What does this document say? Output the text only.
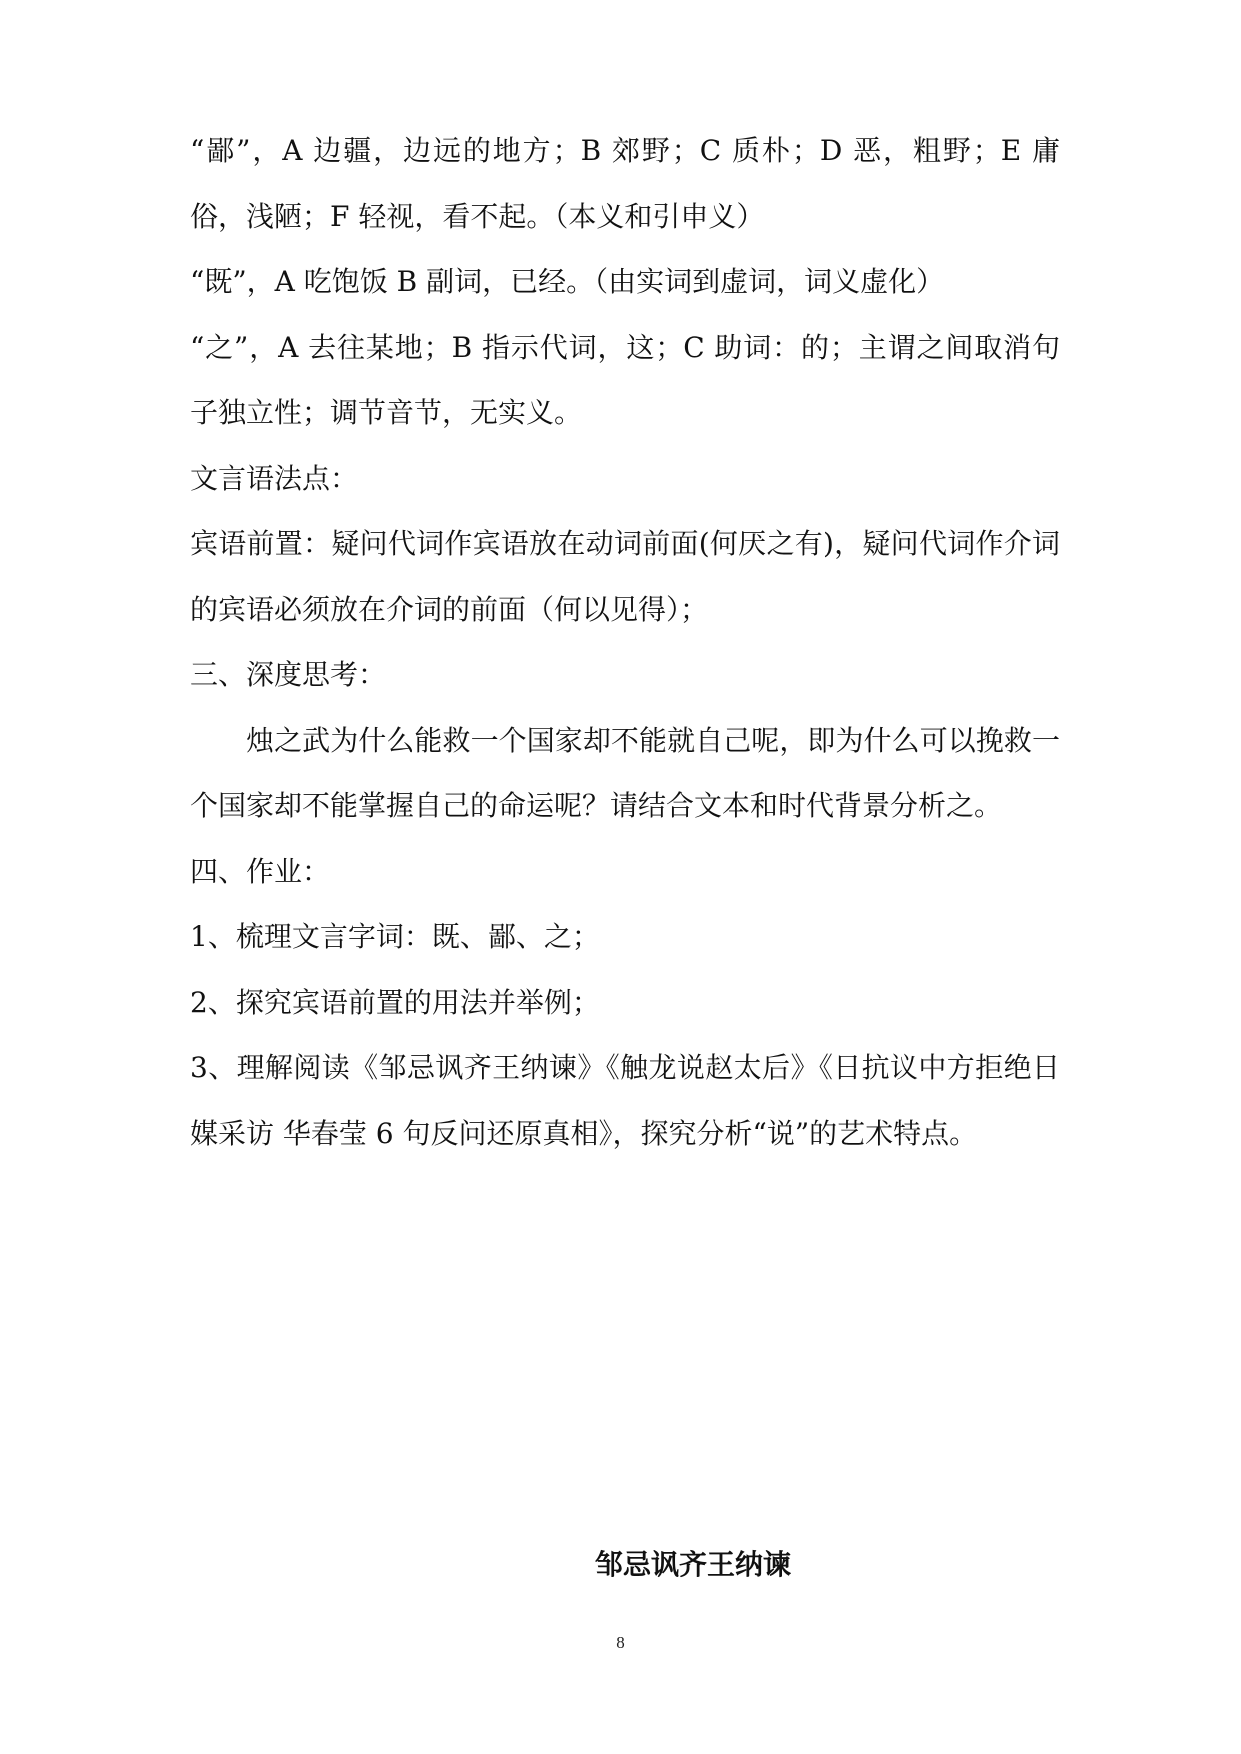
“鄙”，A 边疆，边远的地方；B 郊野；C 质朴；D 恶，粗野；E 庸俗，浅陋；F 轻视，看不起。（本义和引申义）

“既”，A 吃饱饭 B 副词，已经。（由实词到虚词，词义虚化）

“之”，A 去往某地；B 指示代词，这；C 助词：的；主谓之间取消句子独立性；调节音节，无实义。

文言语法点：

宾语前置：疑问代词作宾语放在动词前面(何厌之有)，疑问代词作介词的宾语必须放在介词的前面（何以见得）；

三、深度思考：

烛之武为什么能救一个国家却不能就自己呢，即为什么可以挽救一个国家却不能掌握自己的命运呢？请结合文本和时代背景分析之。

四、作业：

1、梳理文言字词：既、鄙、之；

2、探究宾语前置的用法并举例；

3、理解阅读《邹忌讽齐王纳谏》《触龙说赵太后》《日抗议中方拒绝日媒采访 华春莹 6 句反问还原真相》，探究分析“说”的艺术特点。

邹忌讽齐王纳谏
8
